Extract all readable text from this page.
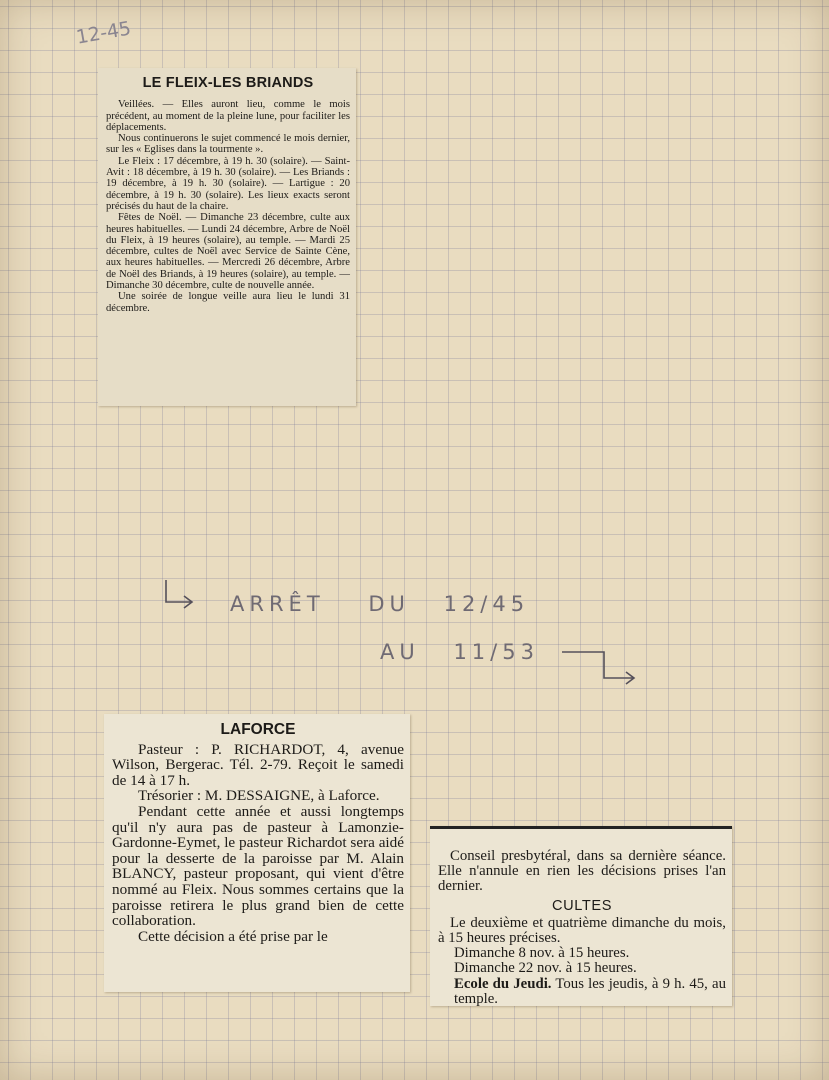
12-45
LE FLEIX-LES BRIANDS

Veillées. — Elles auront lieu, comme le mois précédent, au moment de la pleine lune, pour faciliter les déplacements.

Nous continuerons le sujet commencé le mois dernier, sur les « Eglises dans la tourmente ».

Le Fleix : 17 décembre, à 19 h. 30 (solaire). — Saint-Avit : 18 décembre, à 19 h. 30 (solaire). — Les Briands : 19 décembre, à 19 h. 30 (solaire). — Lartigue : 20 décembre, à 19 h. 30 (solaire). Les lieux exacts seront précisés du haut de la chaire.

Fêtes de Noël. — Dimanche 23 décembre, culte aux heures habituelles. — Lundi 24 décembre, Arbre de Noël du Fleix, à 19 heures (solaire), au temple. — Mardi 25 décembre, cultes de Noël avec Service de Sainte Cène, aux heures habituelles. — Mercredi 26 décembre, Arbre de Noël des Briands, à 19 heures (solaire), au temple. — Dimanche 30 décembre, culte de nouvelle année.

Une soirée de longue veille aura lieu le lundi 31 décembre.

ARRÊT DU 12/45
AU 11/53
LAFORCE

Pasteur : P. RICHARDOT, 4, avenue Wilson, Bergerac. Tél. 2-79. Reçoit le samedi de 14 à 17 h.

Trésorier : M. DESSAIGNE, à Laforce.

Pendant cette année et aussi longtemps qu'il n'y aura pas de pasteur à Lamonzie-Gardonne-Eymet, le pasteur Richardot sera aidé pour la desserte de la paroisse par M. Alain BLANCY, pasteur proposant, qui vient d'être nommé au Fleix. Nous sommes certains que la paroisse retirera le plus grand bien de cette collaboration.

Cette décision a été prise par le

Conseil presbytéral, dans sa dernière séance. Elle n'annule en rien les décisions prises l'an dernier.

CULTES

Le deuxième et quatrième dimanche du mois, à 15 heures précises.

Dimanche 8 nov. à 15 heures.

Dimanche 22 nov. à 15 heures.

Ecole du Jeudi. Tous les jeudis, à 9 h. 45, au temple.
